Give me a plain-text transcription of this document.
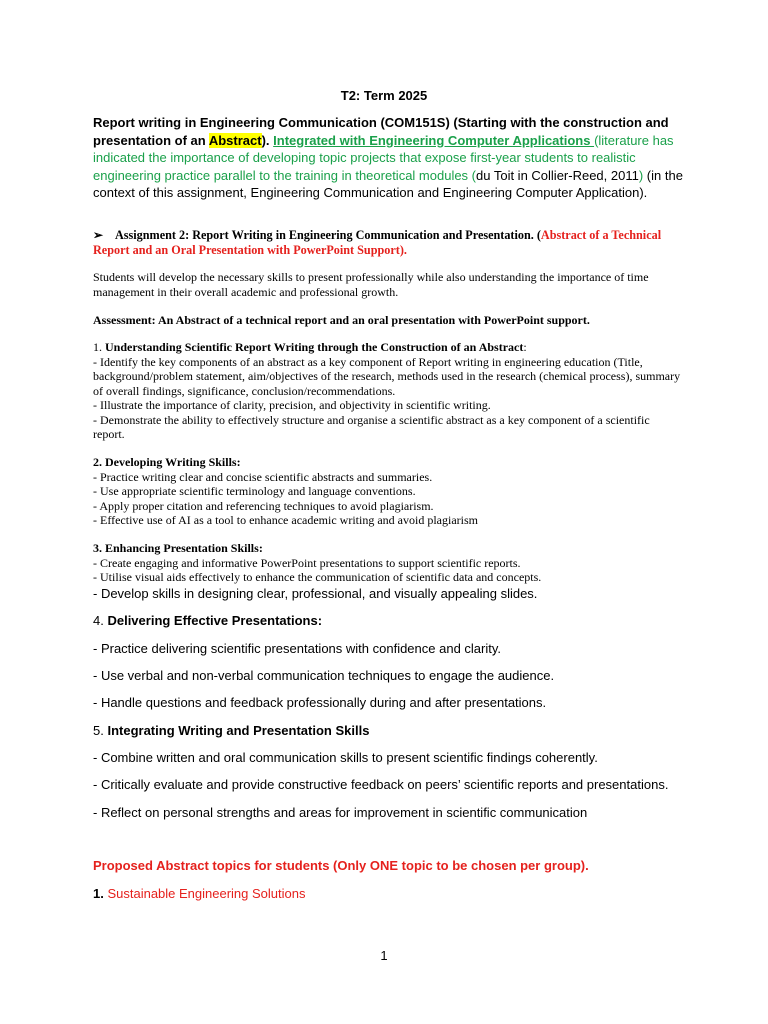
T2: Term 2025

Report writing in Engineering Communication (COM151S) (Starting with the construction and presentation of an Abstract). Integrated with Engineering Computer Applications (literature has indicated the importance of developing topic projects that expose first-year students to realistic engineering practice parallel to the training in theoretical modules (du Toit in Collier-Reed, 2011) (in the context of this assignment, Engineering Communication and Engineering Computer Application).

➢ Assignment 2: Report Writing in Engineering Communication and Presentation. (Abstract of a Technical Report and an Oral Presentation with PowerPoint Support).

Students will develop the necessary skills to present professionally while also understanding the importance of time management in their overall academic and professional growth.

Assessment: An Abstract of a technical report and an oral presentation with PowerPoint support.

1. Understanding Scientific Report Writing through the Construction of an Abstract:
- Identify the key components of an abstract as a key component of Report writing in engineering education (Title, background/problem statement, aim/objectives of the research, methods used in the research (chemical process), summary of overall findings, significance, conclusion/recommendations.
- Illustrate the importance of clarity, precision, and objectivity in scientific writing.
- Demonstrate the ability to effectively structure and organise a scientific abstract as a key component of a scientific report.
2. Developing Writing Skills:
- Practice writing clear and concise scientific abstracts and summaries.
- Use appropriate scientific terminology and language conventions.
- Apply proper citation and referencing techniques to avoid plagiarism.
- Effective use of AI as a tool to enhance academic writing and avoid plagiarism
3. Enhancing Presentation Skills:
- Create engaging and informative PowerPoint presentations to support scientific reports.
- Utilise visual aids effectively to enhance the communication of scientific data and concepts.

- Develop skills in designing clear, professional, and visually appealing slides.

4. Delivering Effective Presentations:

- Practice delivering scientific presentations with confidence and clarity.

- Use verbal and non-verbal communication techniques to engage the audience.

- Handle questions and feedback professionally during and after presentations.

5. Integrating Writing and Presentation Skills

- Combine written and oral communication skills to present scientific findings coherently.

- Critically evaluate and provide constructive feedback on peers’ scientific reports and presentations.

- Reflect on personal strengths and areas for improvement in scientific communication

Proposed Abstract topics for students (Only ONE topic to be chosen per group).

1. Sustainable Engineering Solutions

1
